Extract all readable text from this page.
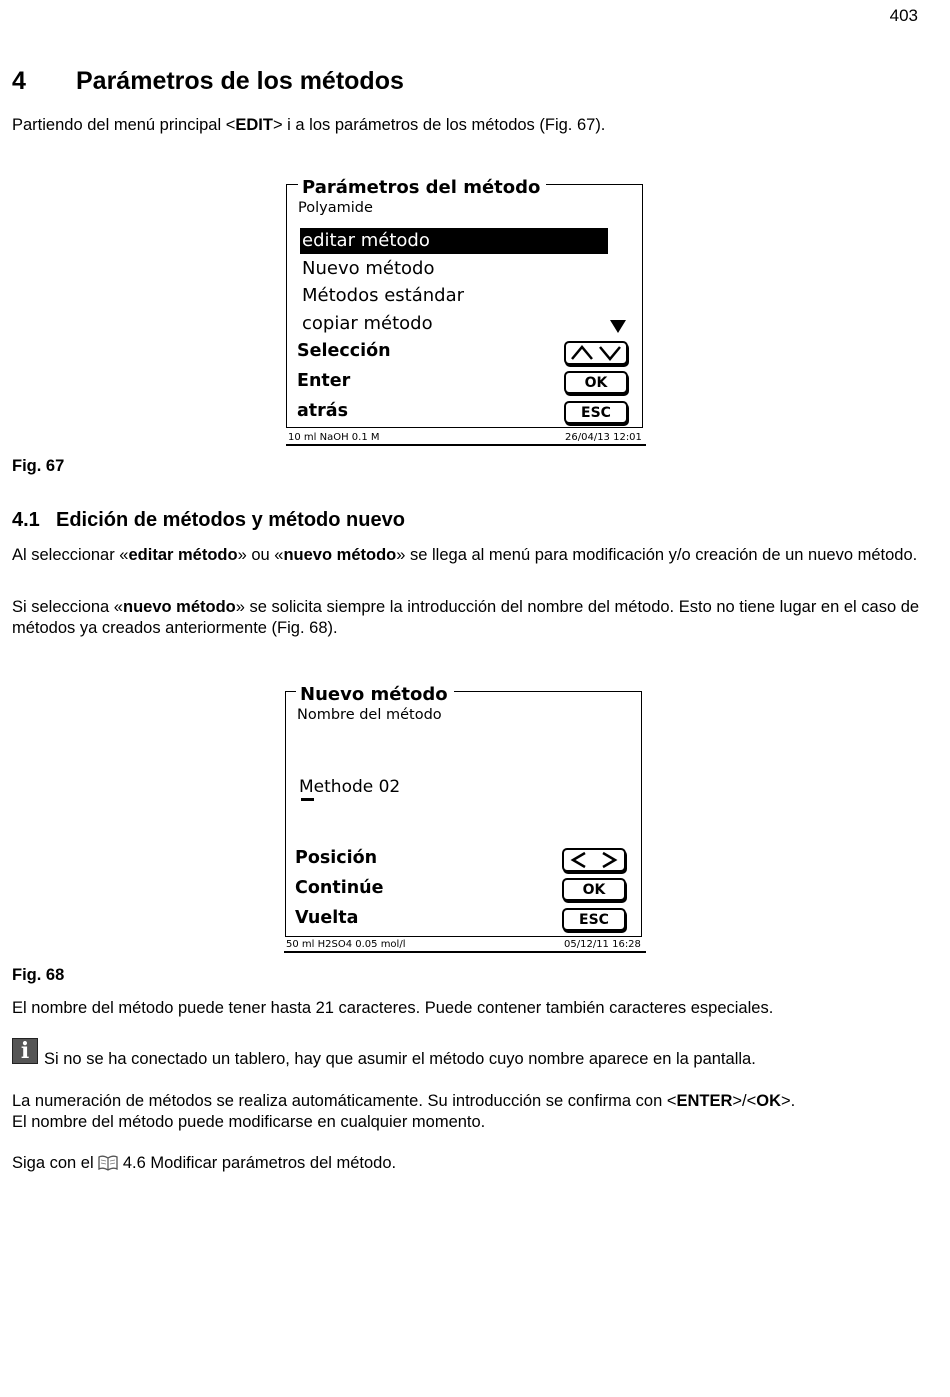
403
4 Parámetros de los métodos

Partiendo del menú principal <EDIT> i a los parámetros de los métodos (Fig. 67).

Parámetros del método
Polyamide
editar método
Nuevo método
Métodos estándar
copiar método
Selección
Enter	OK
atrás	ESC
10 ml NaOH 0.1 M	26/04/13 12:01

Fig. 67

4.1 Edición de métodos y método nuevo

Al seleccionar «editar método» ou «nuevo método» se llega al menú para modificación y/o creación de un nuevo método.

Si selecciona «nuevo método» se solicita siempre la introducción del nombre del método. Esto no tiene lugar en el caso de métodos ya creados anteriormente (Fig. 68).

Nuevo método
Nombre del método
Methode 02
Posición
Continúe	OK
Vuelta	ESC
50 ml H2SO4 0.05 mol/l	05/12/11 16:28

Fig. 68

El nombre del método puede tener hasta 21 caracteres. Puede contener también caracteres especiales.

i Si no se ha conectado un tablero, hay que asumir el método cuyo nombre aparece en la pantalla.

La numeración de métodos se realiza automáticamente. Su introducción se confirma con <ENTER>/<OK>.
El nombre del método puede modificarse en cualquier momento.

Siga con el  4.6 Modificar parámetros del método.
